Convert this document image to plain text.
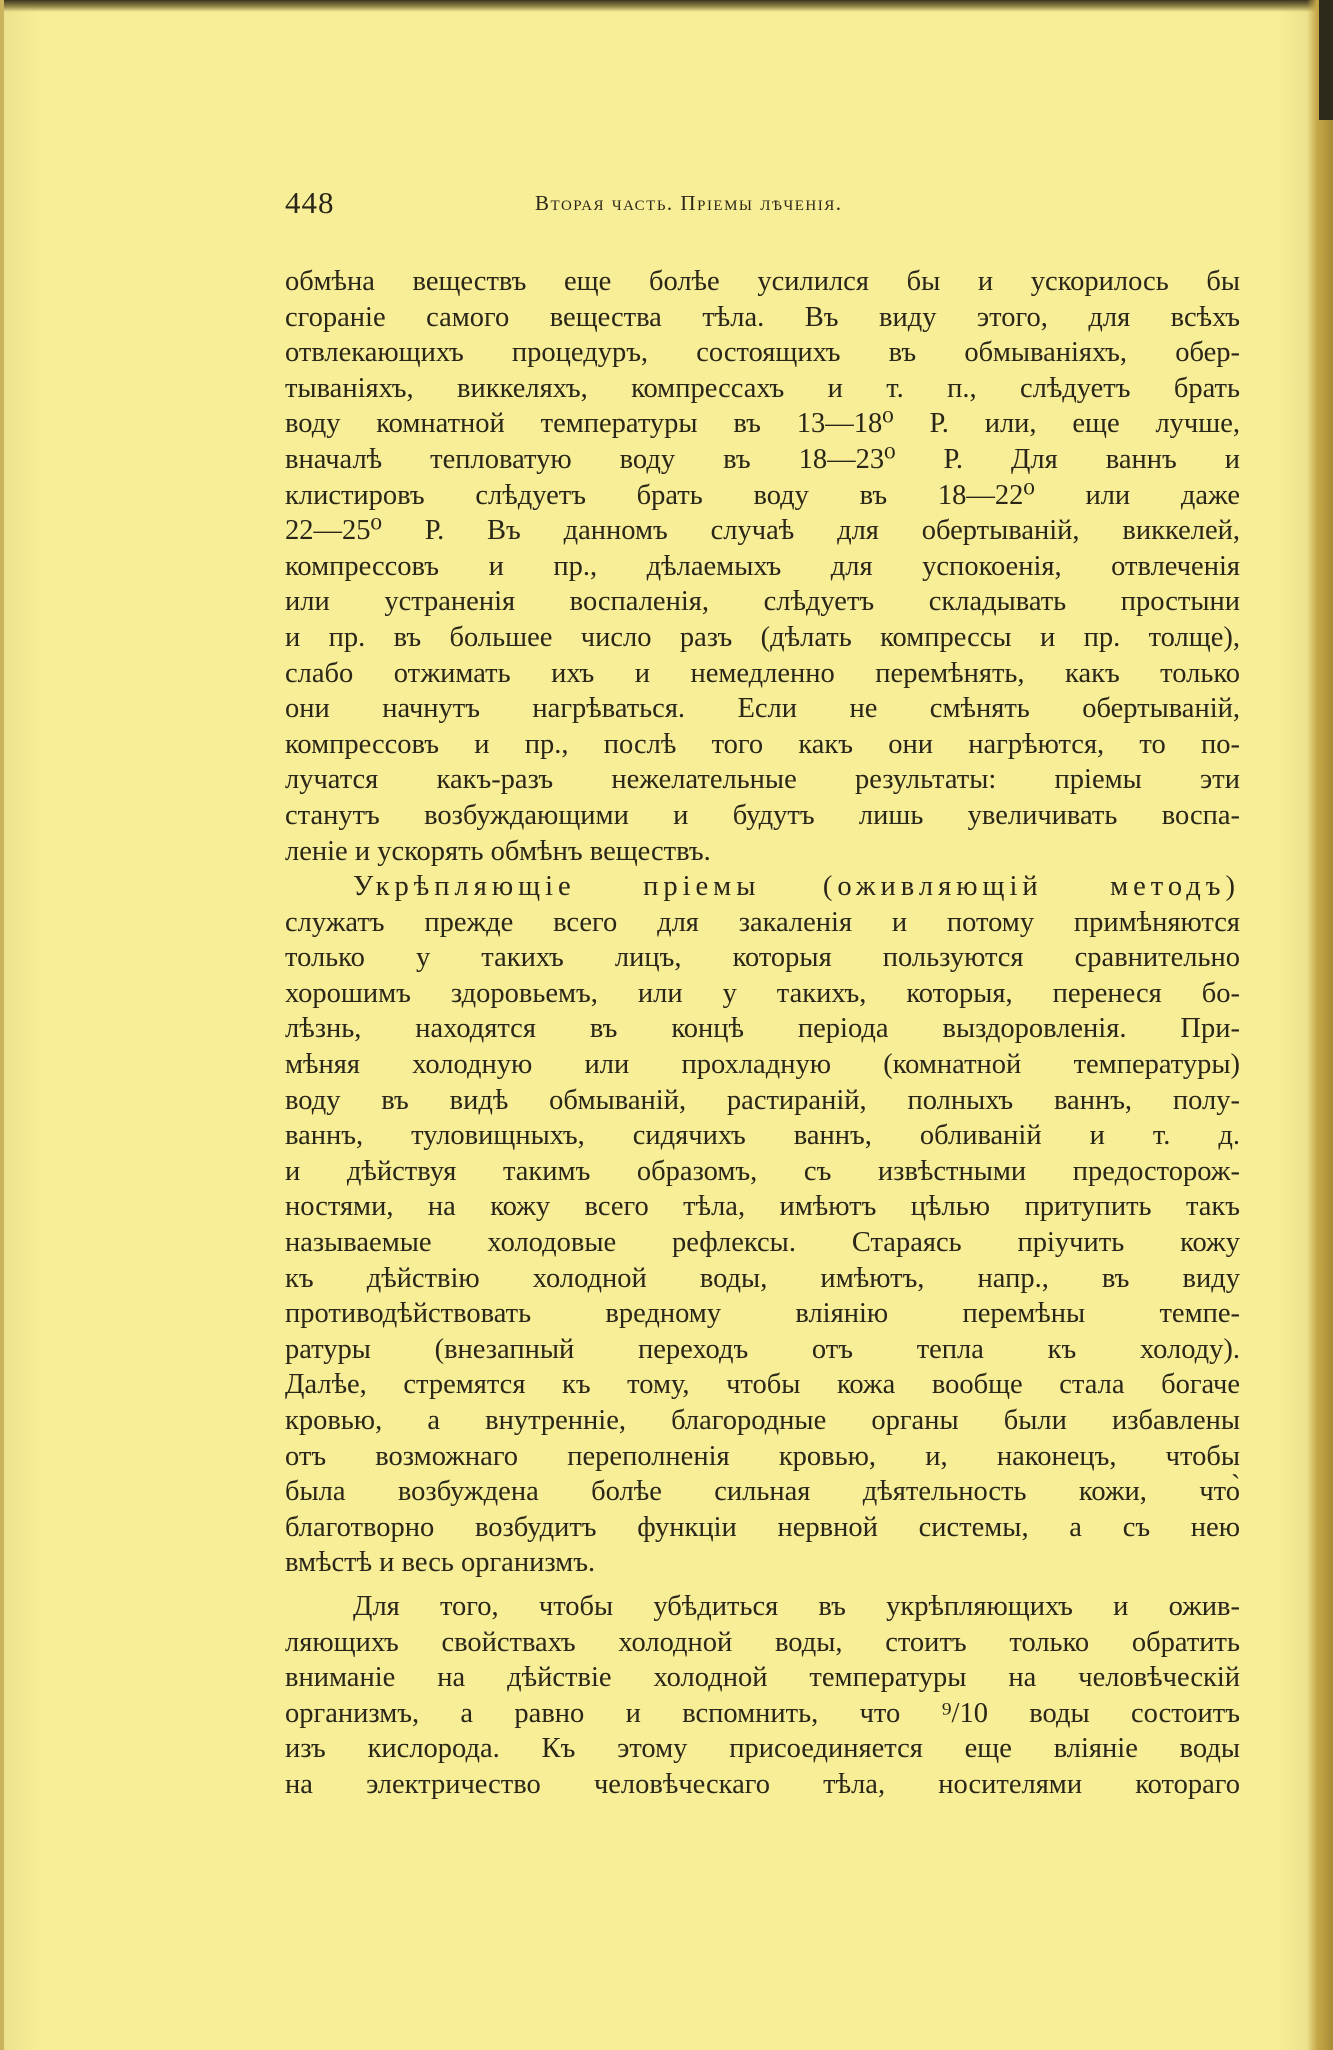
448	Вторая часть. Пріемы лѣченія.
обмѣна веществъ еще болѣе усилился бы и ускорилось бы
сгораніе самого вещества тѣла. Въ виду этого, для всѣхъ
отвлекающихъ процедуръ, состоящихъ въ обмываніяхъ, обер-
тываніяхъ, виккеляхъ, компрессахъ и т. п., слѣдуетъ брать
воду комнатной температуры въ 13—18⁰ Р. или, еще лучше,
вначалѣ тепловатую воду въ 18—23⁰ Р. Для ваннъ и
клистировъ слѣдуетъ брать воду въ 18—22⁰ или даже
22—25⁰ Р. Въ данномъ случаѣ для обертываній, виккелей,
компрессовъ и пр., дѣлаемыхъ для успокоенія, отвлеченія
или устраненія воспаленія, слѣдуетъ складывать простыни
и пр. въ большее число разъ (дѣлать компрессы и пр. толще),
слабо отжимать ихъ и немедленно перемѣнять, какъ только
они начнутъ нагрѣваться. Если не смѣнять обертываній,
компрессовъ и пр., послѣ того какъ они нагрѣются, то по-
лучатся какъ-разъ нежелательные результаты: пріемы эти
станутъ возбуждающими и будутъ лишь увеличивать воспа-
леніе и ускорять обмѣнъ веществъ.
Укрѣпляющіе пріемы (оживляющій методъ)
служатъ прежде всего для закаленія и потому примѣняются
только у такихъ лицъ, которыя пользуются сравнительно
хорошимъ здоровьемъ, или у такихъ, которыя, перенеся бо-
лѣзнь, находятся въ концѣ періода выздоровленія. При-
мѣняя холодную или прохладную (комнатной температуры)
воду въ видѣ обмываній, растираній, полныхъ ваннъ, полу-
ваннъ, туловищныхъ, сидячихъ ваннъ, обливаній и т. д.
и дѣйствуя такимъ образомъ, съ извѣстными предосторож-
ностями, на кожу всего тѣла, имѣютъ цѣлью притупить такъ
называемые холодовые рефлексы. Стараясь пріучить кожу
къ дѣйствію холодной воды, имѣютъ, напр., въ виду
противодѣйствовать вредному вліянію перемѣны темпе-
ратуры (внезапный переходъ отъ тепла къ холоду).
Далѣе, стремятся къ тому, чтобы кожа вообще стала богаче
кровью, а внутренніе, благородные органы были избавлены
отъ возможнаго переполненія кровью, и, наконецъ, чтобы
была возбуждена болѣе сильная дѣятельность кожи, что̀
благотворно возбудитъ функціи нервной системы, а съ нею
вмѣстѣ и весь организмъ.
Для того, чтобы убѣдиться въ укрѣпляющихъ и ожив-
ляющихъ свойствахъ холодной воды, стоитъ только обратить
вниманіе на дѣйствіе холодной температуры на человѣческій
организмъ, а равно и вспомнить, что ⁹/10 воды состоитъ
изъ кислорода. Къ этому присоединяется еще вліяніе воды
на электричество человѣческаго тѣла, носителями котораго
